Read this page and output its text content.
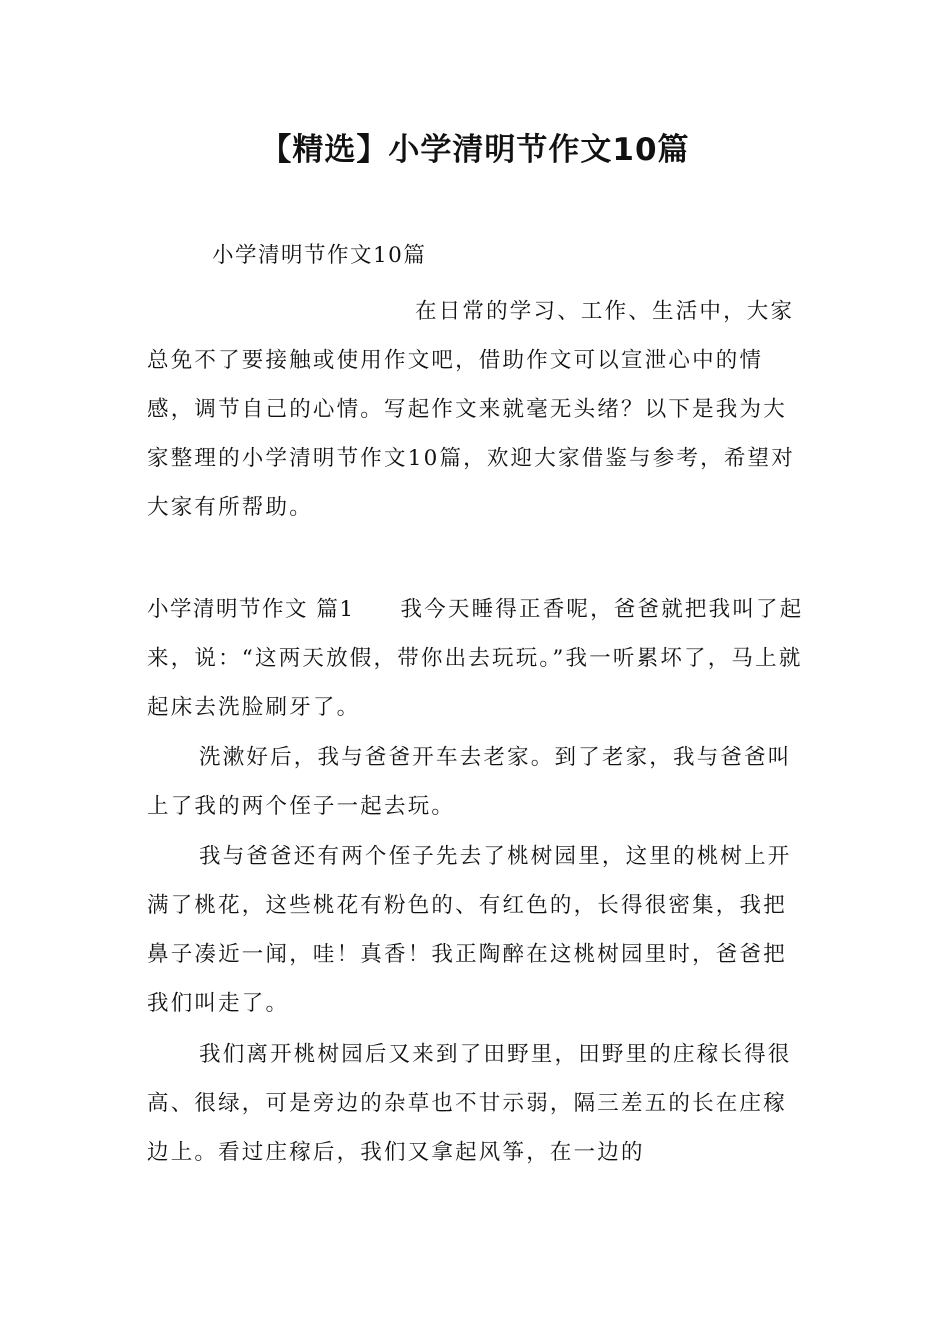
【精选】小学清明节作文10篇

小学清明节作文10篇

在日常的学习、工作、生活中，大家总免不了要接触或使用作文吧，借助作文可以宣泄心中的情感，调节自己的心情。写起作文来就毫无头绪？以下是我为大家整理的小学清明节作文10篇，欢迎大家借鉴与参考，希望对大家有所帮助。

小学清明节作文 篇1 我今天睡得正香呢，爸爸就把我叫了起来，说：“这两天放假，带你出去玩玩。”我一听累坏了，马上就起床去洗脸刷牙了。

洗漱好后，我与爸爸开车去老家。到了老家，我与爸爸叫上了我的两个侄子一起去玩。

我与爸爸还有两个侄子先去了桃树园里，这里的桃树上开满了桃花，这些桃花有粉色的、有红色的，长得很密集，我把鼻子凑近一闻，哇！真香！我正陶醉在这桃树园里时，爸爸把我们叫走了。

我们离开桃树园后又来到了田野里，田野里的庄稼长得很高、很绿，可是旁边的杂草也不甘示弱，隔三差五的长在庄稼边上。看过庄稼后，我们又拿起风筝，在一边的
